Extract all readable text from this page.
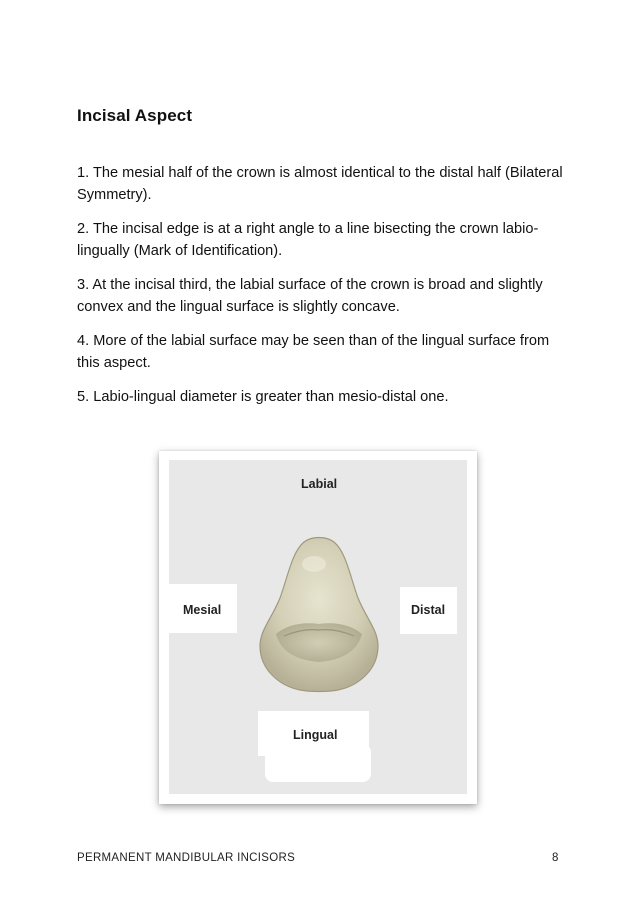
Incisal Aspect
1. The mesial half of the crown is almost identical to the distal half (Bilateral Symmetry).
2. The incisal edge is at a right angle to a line bisecting the crown labio-lingually (Mark of Identification).
3. At the incisal third, the labial surface of the crown is broad and slightly convex and the lingual surface is slightly concave.
4. More of the labial surface may be seen than of the lingual surface from this aspect.
5. Labio-lingual diameter is greater than mesio-distal one.
Labial
Mesial	Distal
Lingual
PERMANENT MANDIBULAR INCISORS	8
